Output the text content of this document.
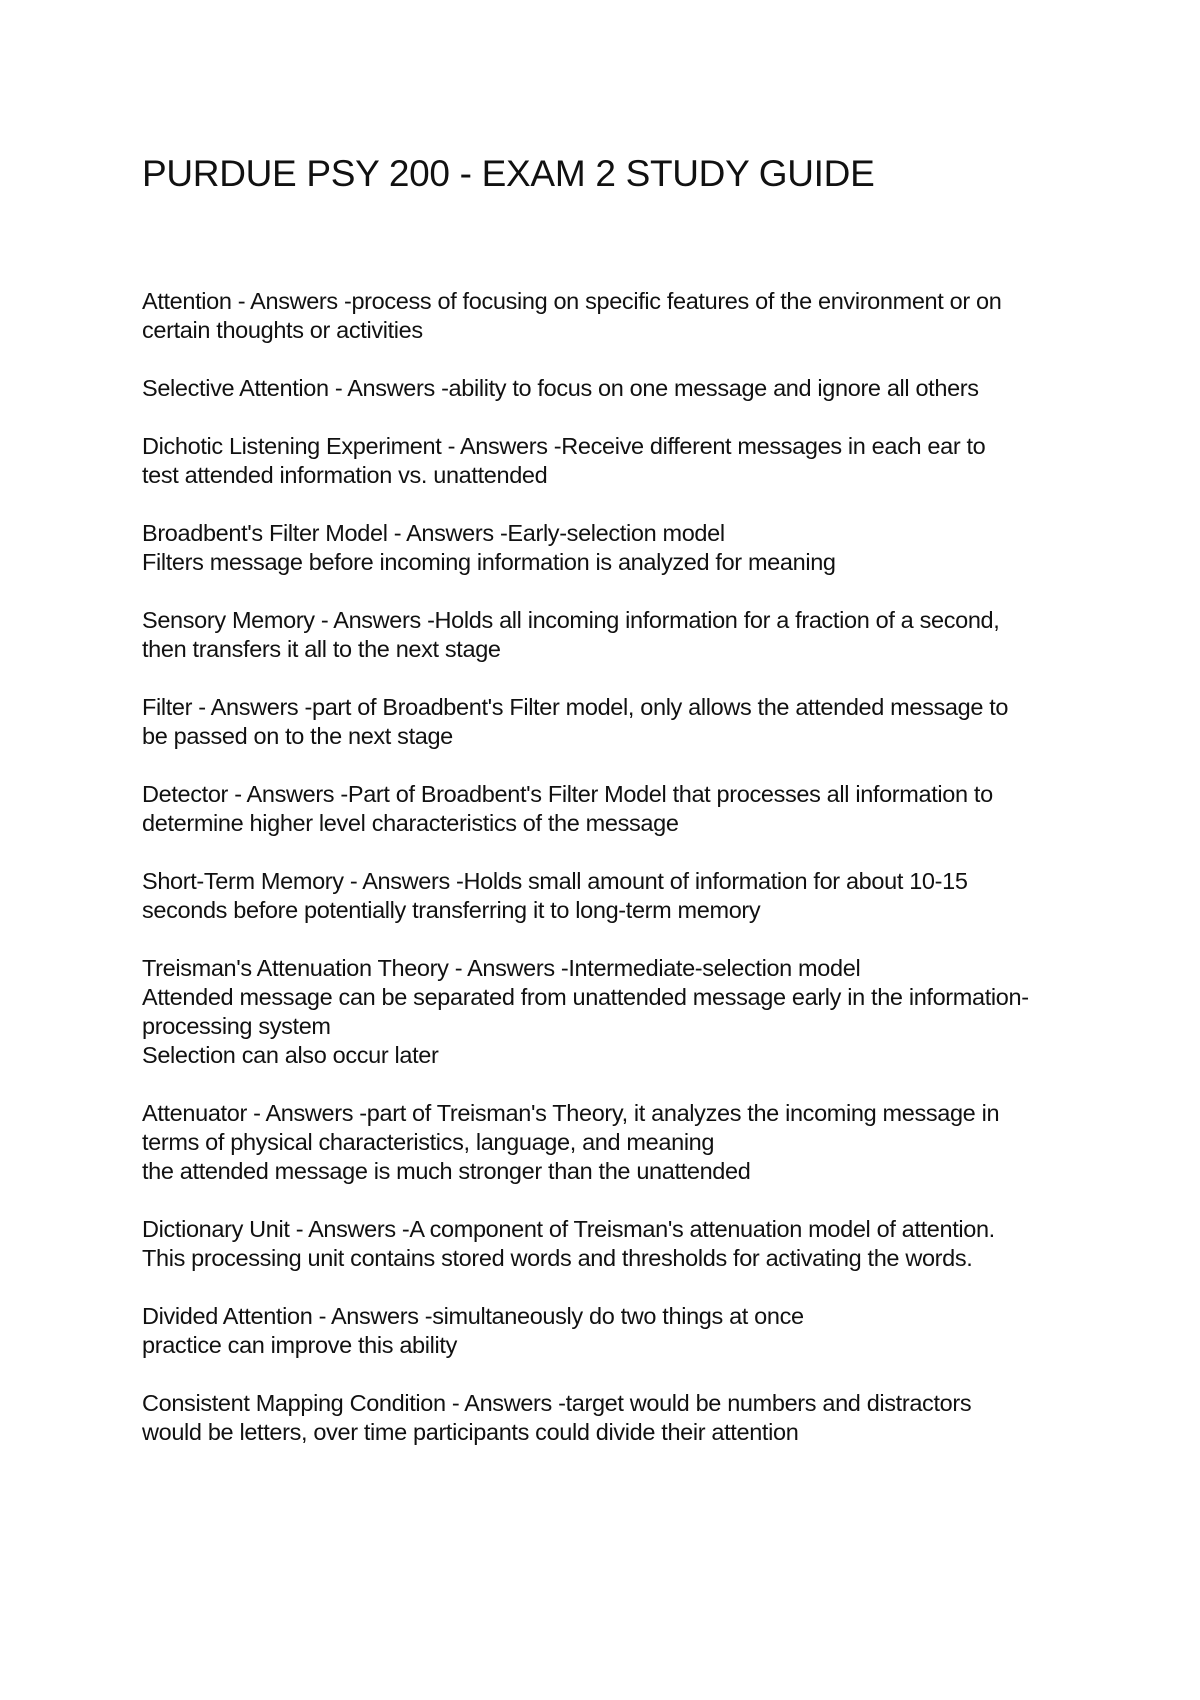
PURDUE PSY 200 - EXAM 2 STUDY GUIDE
Attention - Answers -process of focusing on specific features of the environment or on
certain thoughts or activities
Selective Attention - Answers -ability to focus on one message and ignore all others
Dichotic Listening Experiment - Answers -Receive different messages in each ear to
test attended information vs. unattended
Broadbent's Filter Model - Answers -Early-selection model
Filters message before incoming information is analyzed for meaning
Sensory Memory - Answers -Holds all incoming information for a fraction of a second,
then transfers it all to the next stage
Filter - Answers -part of Broadbent's Filter model, only allows the attended message to
be passed on to the next stage
Detector - Answers -Part of Broadbent's Filter Model that processes all information to
determine higher level characteristics of the message
Short-Term Memory - Answers -Holds small amount of information for about 10-15
seconds before potentially transferring it to long-term memory
Treisman's Attenuation Theory - Answers -Intermediate-selection model
Attended message can be separated from unattended message early in the information-
processing system
Selection can also occur later
Attenuator - Answers -part of Treisman's Theory, it analyzes the incoming message in
terms of physical characteristics, language, and meaning
the attended message is much stronger than the unattended
Dictionary Unit - Answers -A component of Treisman's attenuation model of attention.
This processing unit contains stored words and thresholds for activating the words.
Divided Attention - Answers -simultaneously do two things at once
practice can improve this ability
Consistent Mapping Condition - Answers -target would be numbers and distractors
would be letters, over time participants could divide their attention
